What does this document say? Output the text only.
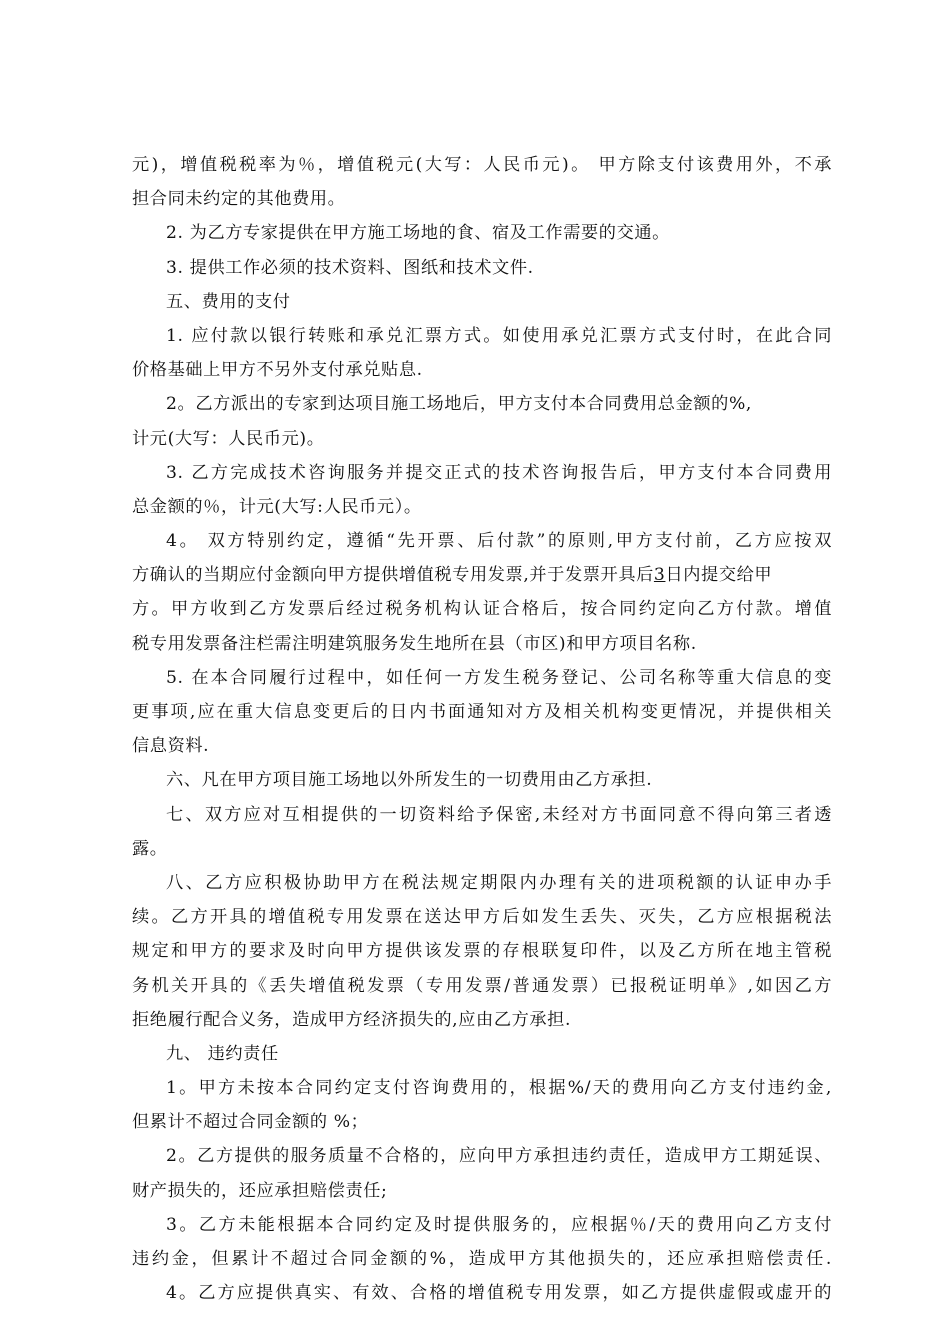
元)，增值税税率为％，增值税元(大写：人民币元)。 甲方除支付该费用外，不承
担合同未约定的其他费用。
2. 为乙方专家提供在甲方施工场地的食、宿及工作需要的交通。
3. 提供工作必须的技术资料、图纸和技术文件.
五、费用的支付
1. 应付款以银行转账和承兑汇票方式。如使用承兑汇票方式支付时，在此合同
价格基础上甲方不另外支付承兑贴息.
2。乙方派出的专家到达项目施工场地后，甲方支付本合同费用总金额的%,
计元(大写：人民币元)。
3. 乙方完成技术咨询服务并提交正式的技术咨询报告后，甲方支付本合同费用
总金额的％，计元(大写:人民币元）。
4。 双方特别约定，遵循“先开票、后付款”的原则,甲方支付前，乙方应按双
方确认的当期应付金额向甲方提供增值税专用发票,并于发票开具后3日内提交给甲
方。甲方收到乙方发票后经过税务机构认证合格后，按合同约定向乙方付款。增值
税专用发票备注栏需注明建筑服务发生地所在县（市区)和甲方项目名称.
5. 在本合同履行过程中，如任何一方发生税务登记、公司名称等重大信息的变
更事项,应在重大信息变更后的日内书面通知对方及相关机构变更情况，并提供相关
信息资料.
六、凡在甲方项目施工场地以外所发生的一切费用由乙方承担.
七、双方应对互相提供的一切资料给予保密,未经对方书面同意不得向第三者透
露。
八、乙方应积极协助甲方在税法规定期限内办理有关的进项税额的认证申办手
续。乙方开具的增值税专用发票在送达甲方后如发生丢失、灭失，乙方应根据税法
规定和甲方的要求及时向甲方提供该发票的存根联复印件，以及乙方所在地主管税
务机关开具的《丢失增值税发票（专用发票/普通发票）已报税证明单》,如因乙方
拒绝履行配合义务，造成甲方经济损失的,应由乙方承担.
九、 违约责任
1。甲方未按本合同约定支付咨询费用的，根据%/天的费用向乙方支付违约金,
但累计不超过合同金额的 %；
2。乙方提供的服务质量不合格的，应向甲方承担违约责任，造成甲方工期延误、
财产损失的，还应承担赔偿责任;
3。乙方未能根据本合同约定及时提供服务的，应根据％/天的费用向乙方支付
违约金，但累计不超过合同金额的%，造成甲方其他损失的，还应承担赔偿责任.
4。乙方应提供真实、有效、合格的增值税专用发票，如乙方提供虚假或虚开的
